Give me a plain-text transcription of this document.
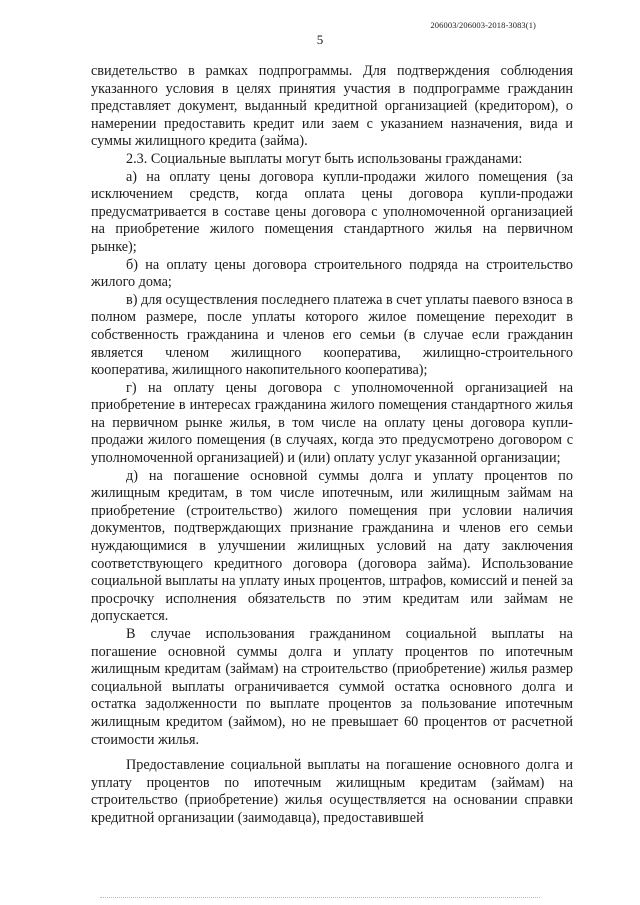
206003/206003-2018-3083(1)
5

свидетельство в рамках подпрограммы. Для подтверждения соблюдения указанного условия в целях принятия участия в подпрограмме гражданин представляет документ, выданный кредитной организацией (кредитором), о намерении предоставить кредит или заем с указанием назначения, вида и суммы жилищного кредита (займа).

2.3. Социальные выплаты могут быть использованы гражданами:

а) на оплату цены договора купли-продажи жилого помещения (за исключением средств, когда оплата цены договора купли-продажи предусматривается в составе цены договора с уполномоченной организацией на приобретение жилого помещения стандартного жилья на первичном рынке);

б) на оплату цены договора строительного подряда на строительство жилого дома;

в) для осуществления последнего платежа в счет уплаты паевого взноса в полном размере, после уплаты которого жилое помещение переходит в собственность гражданина и членов его семьи (в случае если гражданин является членом жилищного кооператива, жилищно-строительного кооператива, жилищного накопительного кооператива);

г) на оплату цены договора с уполномоченной организацией на приобретение в интересах гражданина жилого помещения стандартного жилья на первичном рынке жилья, в том числе на оплату цены договора купли-продажи жилого помещения (в случаях, когда это предусмотрено договором с уполномоченной организацией) и (или) оплату услуг указанной организации;

д) на погашение основной суммы долга и уплату процентов по жилищным кредитам, в том числе ипотечным, или жилищным займам на приобретение (строительство) жилого помещения при условии наличия документов, подтверждающих признание гражданина и членов его семьи нуждающимися в улучшении жилищных условий на дату заключения соответствующего кредитного договора (договора займа). Использование социальной выплаты на уплату иных процентов, штрафов, комиссий и пеней за просрочку исполнения обязательств по этим кредитам или займам не допускается.

В случае использования гражданином социальной выплаты на погашение основной суммы долга и уплату процентов по ипотечным жилищным кредитам (займам) на строительство (приобретение) жилья размер социальной выплаты ограничивается суммой остатка основного долга и остатка задолженности по выплате процентов за пользование ипотечным жилищным кредитом (займом), но не превышает 60 процентов от расчетной стоимости жилья.

Предоставление социальной выплаты на погашение основного долга и уплату процентов по ипотечным жилищным кредитам (займам) на строительство (приобретение) жилья осуществляется на основании справки кредитной организации (заимодавца), предоставившей
